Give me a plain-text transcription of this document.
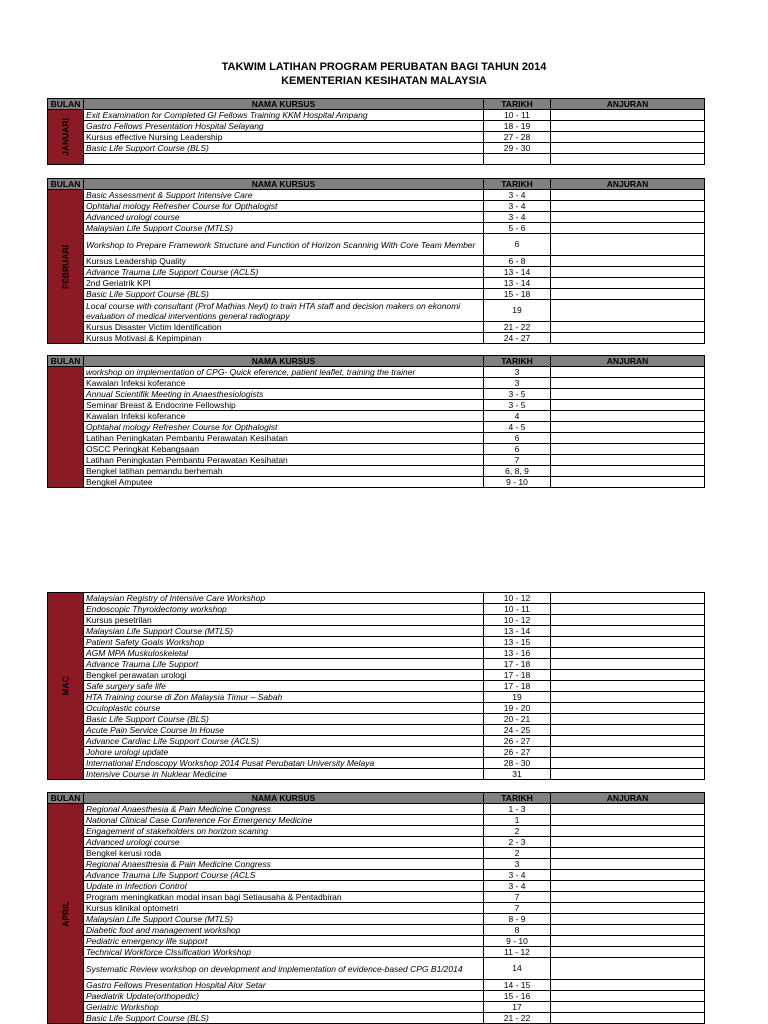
TAKWIM LATIHAN PROGRAM PERUBATAN BAGI TAHUN 2014
KEMENTERIAN KESIHATAN MALAYSIA
BULAN	NAMA KURSUS	TARIKH	ANJURAN

JANUARI	Exit Examination for Completed GI Fellows Training KKM Hospital Ampang	10 - 11	
	Gastro Fellows Presentation Hospital Selayang	18 - 19	
	Kursus effective Nursing Leadership	27 - 28	
	Basic Life Support Course (BLS)	29 - 30	

BULAN	NAMA KURSUS	TARIKH	ANJURAN

FEBRUARI	Basic Assessment & Support Intensive Care	3 - 4	
	Ophtahal mology Refresher Course for Opthalogist	3 - 4	
	Advanced urologi course	3 - 4	
	Malaysian Life Support Course (MTLS)	5 - 6	
	Workshop to Prepare Framework Structure and Function of Horizon Scanning With Core Team Member	6	
	Kursus Leadership Quality	6 - 8	
	Advance Trauma Life Support Course (ACLS)	13 - 14	
	2nd Geriatrik KPI	13 - 14	
	Basic Life Support Course (BLS)	15 - 18	
	Local course with consultant (Prof Mathias Neyt) to train HTA staff and decision makers on ekonomi evaluation of medical interventions general radiograpy	19	
	Kursus Disaster Victim Identification	21 - 22	
	Kursus Motivasi & Kepimpinan	24 - 27	
BULAN	NAMA KURSUS	TARIKH	ANJURAN

	workshop on implementation of CPG- Quick eference, patient leaflet, training the trainer	3	
	Kawalan Infeksi koferance	3	
	Annual Scientifik Meeting in Anaesthesiologists	3 - 5	
	Seminar Breast & Endocrine Fellowship	3 - 5	
	Kawalan Infeksi koferance	4	
	Ophtahal mology Refresher Course for Opthalogist	4 - 5	
	Latihan Peningkatan Pembantu Perawatan Kesihatan	6	
	OSCC Peringkat Kebangsaan	6	
	Latihan Peningkatan Pembantu Perawatan Kesihatan	7	
	Bengkel latihan pemandu berhemah	6, 8, 9	
	Bengkel Amputee	9 - 10	
MAC	Malaysian Registry of Intensive Care Workshop	10 - 12	
	Endoscopic Thyroidectomy workshop	10 - 11	
	Kursus pesetrilan	10 - 12	
	Malaysian Life Support Course (MTLS)	13 - 14	
	Patient Safety Goals Workshop	13 - 15	
	AGM MPA Muskuloskeletal	13 - 16	
	Advance Trauma Life Support	17 - 18	
	Bengkel perawatan urologi	17 - 18	
	Safe surgery safe life	17 - 18	
	HTA Training course di Zon Malaysia Timur – Sabah	19	
	Oculoplastic course	19 - 20	
	Basic Life Support Course (BLS)	20 - 21	
	Acute Pain Service Course In House	24 - 25	
	Advance Cardiac Life Support Course (ACLS)	26 - 27	
	Johore urologi update	26 - 27	
	International Endoscopy Workshop 2014 Pusat Perubatan University Melaya	28 - 30	
	Intensive Course in Nuklear Medicine	31	
BULAN	NAMA KURSUS	TARIKH	ANJURAN

APRIL	Regional Anaesthesia & Pain Medicine Congress	1 - 3	
	National Clinical Case Conference For Emergency Medicine	1	
	Engagement of stakeholders on horizon scaning	2	
	Advanced urologi course	2 - 3	
	Bengkel kerusi roda	2	
	Regional Anaesthesia & Pain Medicine Congress	3	
	Advance Trauma Life Support Course (ACLS	3 - 4	
	Update in Infection Control	3 - 4	
	Program meningkatkan modal insan bagi Setiausaha & Pentadbiran	7	
	Kursus klinikal optometri	7	
	Malaysian Life Support Course (MTLS)	8 - 9	
	Diabetic foot and management workshop	8	
	Pediatric emergency life support	9 - 10	
	Technical Workforce Clssification Workshop	11 - 12	
	Systematic Review workshop on development and implementation of evidence-based CPG B1/2014	14	
	Gastro Fellows Presentation Hospital Alor Setar	14 - 15	
	Paediatrik Update(orthopedic)	15 - 16	
	Geriatric Workshop	17	
	Basic Life Support Course (BLS)	21 - 22	
